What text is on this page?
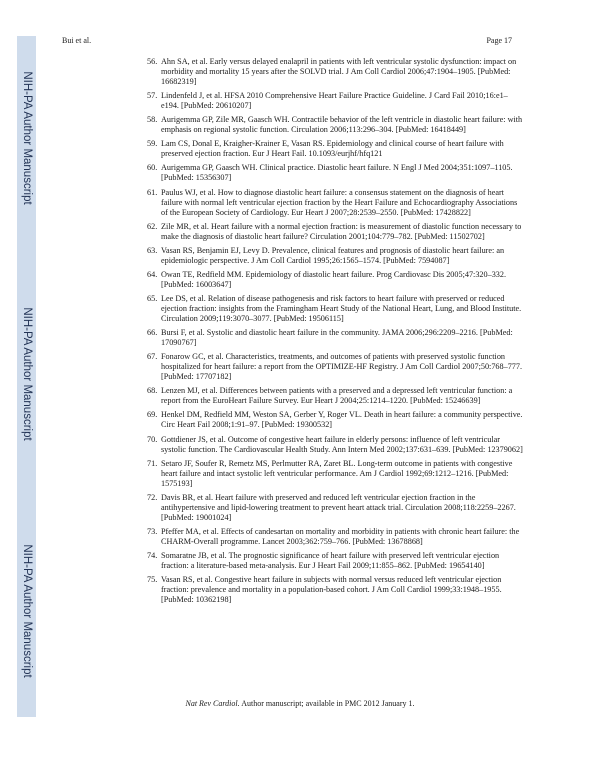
NIH-PA Author Manuscript
NIH-PA Author Manuscript
NIH-PA Author Manuscript
Bui et al.	Page 17
56. Ahn SA, et al. Early versus delayed enalapril in patients with left ventricular systolic dysfunction: impact on morbidity and mortality 15 years after the SOLVD trial. J Am Coll Cardiol 2006;47:1904–1905. [PubMed: 16682319]
57. Lindenfeld J, et al. HFSA 2010 Comprehensive Heart Failure Practice Guideline. J Card Fail 2010;16:e1–e194. [PubMed: 20610207]
58. Aurigemma GP, Zile MR, Gaasch WH. Contractile behavior of the left ventricle in diastolic heart failure: with emphasis on regional systolic function. Circulation 2006;113:296–304. [PubMed: 16418449]
59. Lam CS, Donal E, Kraigher-Krainer E, Vasan RS. Epidemiology and clinical course of heart failure with preserved ejection fraction. Eur J Heart Fail. 10.1093/eurjhf/hfq121
60. Aurigemma GP, Gaasch WH. Clinical practice. Diastolic heart failure. N Engl J Med 2004;351:1097–1105. [PubMed: 15356307]
61. Paulus WJ, et al. How to diagnose diastolic heart failure: a consensus statement on the diagnosis of heart failure with normal left ventricular ejection fraction by the Heart Failure and Echocardiography Associations of the European Society of Cardiology. Eur Heart J 2007;28:2539–2550. [PubMed: 17428822]
62. Zile MR, et al. Heart failure with a normal ejection fraction: is measurement of diastolic function necessary to make the diagnosis of diastolic heart failure? Circulation 2001;104:779–782. [PubMed: 11502702]
63. Vasan RS, Benjamin EJ, Levy D. Prevalence, clinical features and prognosis of diastolic heart failure: an epidemiologic perspective. J Am Coll Cardiol 1995;26:1565–1574. [PubMed: 7594087]
64. Owan TE, Redfield MM. Epidemiology of diastolic heart failure. Prog Cardiovasc Dis 2005;47:320–332. [PubMed: 16003647]
65. Lee DS, et al. Relation of disease pathogenesis and risk factors to heart failure with preserved or reduced ejection fraction: insights from the Framingham Heart Study of the National Heart, Lung, and Blood Institute. Circulation 2009;119:3070–3077. [PubMed: 19506115]
66. Bursi F, et al. Systolic and diastolic heart failure in the community. JAMA 2006;296:2209–2216. [PubMed: 17090767]
67. Fonarow GC, et al. Characteristics, treatments, and outcomes of patients with preserved systolic function hospitalized for heart failure: a report from the OPTIMIZE-HF Registry. J Am Coll Cardiol 2007;50:768–777. [PubMed: 17707182]
68. Lenzen MJ, et al. Differences between patients with a preserved and a depressed left ventricular function: a report from the EuroHeart Failure Survey. Eur Heart J 2004;25:1214–1220. [PubMed: 15246639]
69. Henkel DM, Redfield MM, Weston SA, Gerber Y, Roger VL. Death in heart failure: a community perspective. Circ Heart Fail 2008;1:91–97. [PubMed: 19300532]
70. Gottdiener JS, et al. Outcome of congestive heart failure in elderly persons: influence of left ventricular systolic function. The Cardiovascular Health Study. Ann Intern Med 2002;137:631–639. [PubMed: 12379062]
71. Setaro JF, Soufer R, Remetz MS, Perlmutter RA, Zaret BL. Long-term outcome in patients with congestive heart failure and intact systolic left ventricular performance. Am J Cardiol 1992;69:1212–1216. [PubMed: 1575193]
72. Davis BR, et al. Heart failure with preserved and reduced left ventricular ejection fraction in the antihypertensive and lipid-lowering treatment to prevent heart attack trial. Circulation 2008;118:2259–2267. [PubMed: 19001024]
73. Pfeffer MA, et al. Effects of candesartan on mortality and morbidity in patients with chronic heart failure: the CHARM-Overall programme. Lancet 2003;362:759–766. [PubMed: 13678868]
74. Somaratne JB, et al. The prognostic significance of heart failure with preserved left ventricular ejection fraction: a literature-based meta-analysis. Eur J Heart Fail 2009;11:855–862. [PubMed: 19654140]
75. Vasan RS, et al. Congestive heart failure in subjects with normal versus reduced left ventricular ejection fraction: prevalence and mortality in a population-based cohort. J Am Coll Cardiol 1999;33:1948–1955. [PubMed: 10362198]
Nat Rev Cardiol. Author manuscript; available in PMC 2012 January 1.
